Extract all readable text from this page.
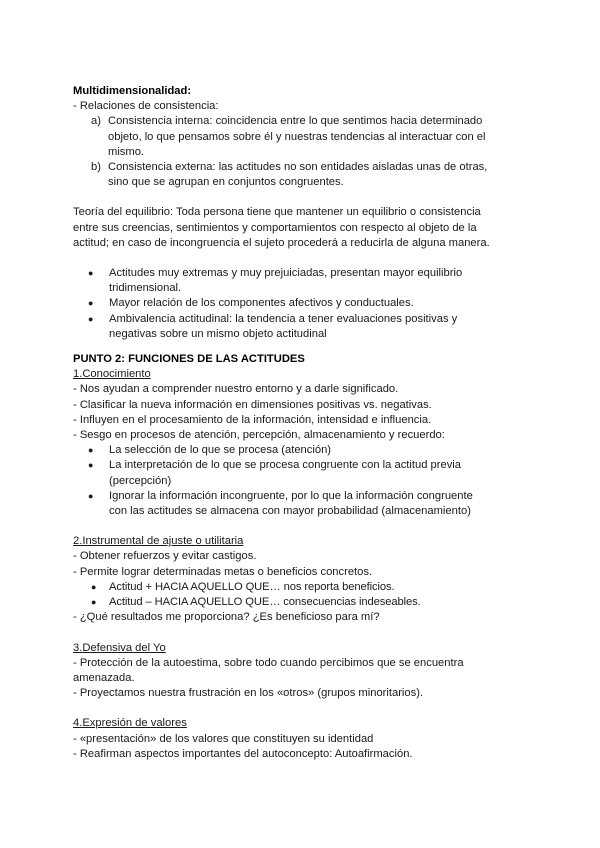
Multidimensionalidad:
- Relaciones de consistencia:
a) Consistencia interna: coincidencia entre lo que sentimos hacia determinado
objeto, lo que pensamos sobre él y nuestras tendencias al interactuar con el
mismo.
b) Consistencia externa: las actitudes no son entidades aisladas unas de otras,
sino que se agrupan en conjuntos congruentes.
Teoría del equilibrio: Toda persona tiene que mantener un equilibrio o consistencia
entre sus creencias, sentimientos y comportamientos con respecto al objeto de la
actitud; en caso de incongruencia el sujeto procederá a reducirla de alguna manera.
● Actitudes muy extremas y muy prejuiciadas, presentan mayor equilibrio
tridimensional.
● Mayor relación de los componentes afectivos y conductuales.
● Ambivalencia actitudinal: la tendencia a tener evaluaciones positivas y
negativas sobre un mismo objeto actitudinal
PUNTO 2: FUNCIONES DE LAS ACTITUDES
1.Conocimiento
- Nos ayudan a comprender nuestro entorno y a darle significado.
- Clasificar la nueva información en dimensiones positivas vs. negativas.
- Influyen en el procesamiento de la información, intensidad e influencia.
- Sesgo en procesos de atención, percepción, almacenamiento y recuerdo:
● La selección de lo que se procesa (atención)
● La interpretación de lo que se procesa congruente con la actitud previa
(percepción)
● Ignorar la información incongruente, por lo que la información congruente
con las actitudes se almacena con mayor probabilidad (almacenamiento)
2.Instrumental de ajuste o utilitaria
- Obtener refuerzos y evitar castigos.
- Permite lograr determinadas metas o beneficios concretos.
● Actitud + HACIA AQUELLO QUE… nos reporta beneficios.
● Actitud – HACIA AQUELLO QUE… consecuencias indeseables.
- ¿Qué resultados me proporciona? ¿Es beneficioso para mí?
3.Defensiva del Yo
- Protección de la autoestima, sobre todo cuando percibimos que se encuentra
amenazada.
- Proyectamos nuestra frustración en los «otros» (grupos minoritarios).
4.Expresión de valores
- «presentación» de los valores que constituyen su identidad
- Reafirman aspectos importantes del autoconcepto: Autoafirmación.
